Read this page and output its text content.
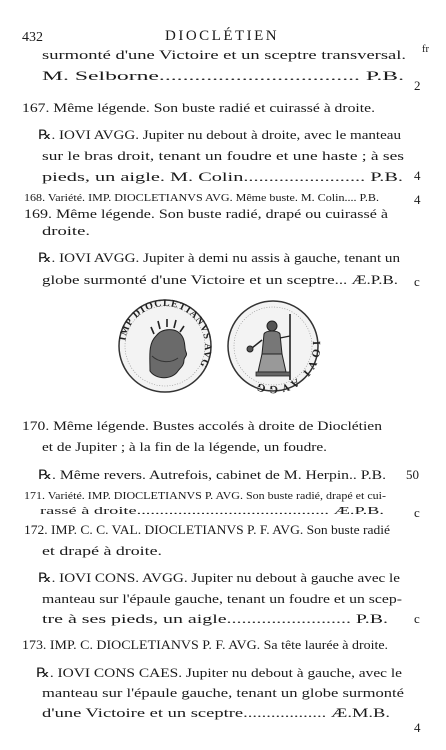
432	DIOCLÉTIEN
fr
surmonté d'une Victoire et un sceptre transversal.
M. Selborne.................................. P.B.
2
167. Même légende. Son buste radié et cuirassé à droite.
℞. IOVI AVGG. Jupiter nu debout à droite, avec le manteau
sur le bras droit, tenant un foudre et une haste ; à ses
pieds, un aigle. M. Colin........................ P.B. 4
168. Variété. IMP. DIOCLETIANVS AVG. Même buste. M. Colin.... P.B.	4
169. Même légende. Son buste radié, drapé ou cuirassé à
droite.
℞. IOVI AVGG. Jupiter à demi nu assis à gauche, tenant un
globe surmonté d'une Victoire et un sceptre... Æ.P.B. c
170. Même légende. Bustes accolés à droite de Dioclétien
et de Jupiter ; à la fin de la légende, un foudre.
℞. Même revers. Autrefois, cabinet de M. Herpin.. P.B. 50
171. Variété. IMP. DIOCLETIANVS P. AVG. Son buste radié, drapé et cui-
rassé à droite.......................................... Æ.P.B. c
172. IMP. C. C. VAL. DIOCLETIANVS P. F. AVG. Son buste radié
et drapé à droite.
℞. IOVI CONS. AVGG. Jupiter nu debout à gauche avec le
manteau sur l'épaule gauche, tenant un foudre et un scep-
tre à ses pieds, un aigle......................... P.B. c
173. IMP. C. DIOCLETIANVS P. F. AVG. Sa tête laurée à droite.
℞. IOVI CONS CAES. Jupiter nu debout à gauche, avec le
manteau sur l'épaule gauche, tenant un globe surmonté
d'une Victoire et un sceptre.................. Æ.M.B.
4
IMP DIOCLETIANVS AVG
IOVI AVGG
